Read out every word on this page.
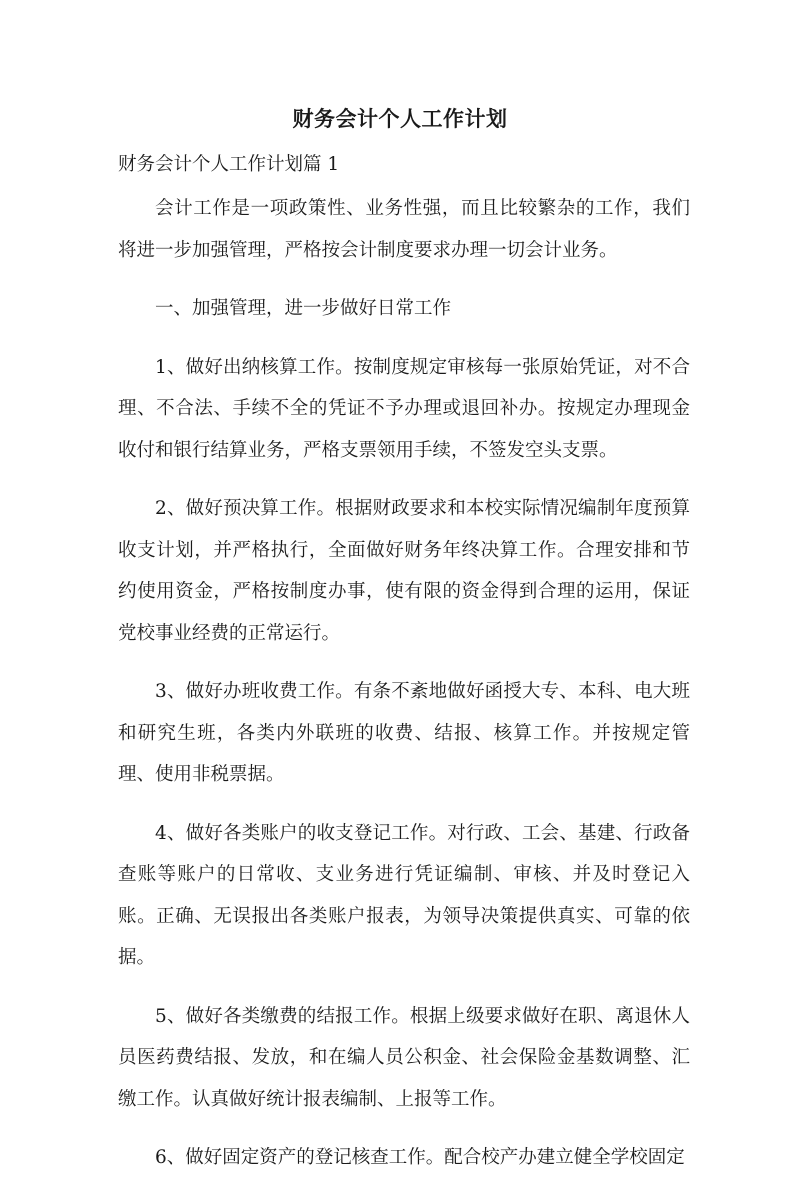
财务会计个人工作计划
财务会计个人工作计划篇 1

会计工作是一项政策性、业务性强，而且比较繁杂的工作，我们将进一步加强管理，严格按会计制度要求办理一切会计业务。

一、加强管理，进一步做好日常工作

1、做好出纳核算工作。按制度规定审核每一张原始凭证，对不合理、不合法、手续不全的凭证不予办理或退回补办。按规定办理现金收付和银行结算业务，严格支票领用手续，不签发空头支票。

2、做好预决算工作。根据财政要求和本校实际情况编制年度预算收支计划，并严格执行，全面做好财务年终决算工作。合理安排和节约使用资金，严格按制度办事，使有限的资金得到合理的运用，保证党校事业经费的正常运行。

3、做好办班收费工作。有条不紊地做好函授大专、本科、电大班和研究生班，各类内外联班的收费、结报、核算工作。并按规定管理、使用非税票据。

4、做好各类账户的收支登记工作。对行政、工会、基建、行政备查账等账户的日常收、支业务进行凭证编制、审核、并及时登记入账。正确、无误报出各类账户报表，为领导决策提供真实、可靠的依据。

5、做好各类缴费的结报工作。根据上级要求做好在职、离退休人员医药费结报、发放，和在编人员公积金、社会保险金基数调整、汇缴工作。认真做好统计报表编制、上报等工作。

6、做好固定资产的登记核查工作。配合校产办建立健全学校固定
